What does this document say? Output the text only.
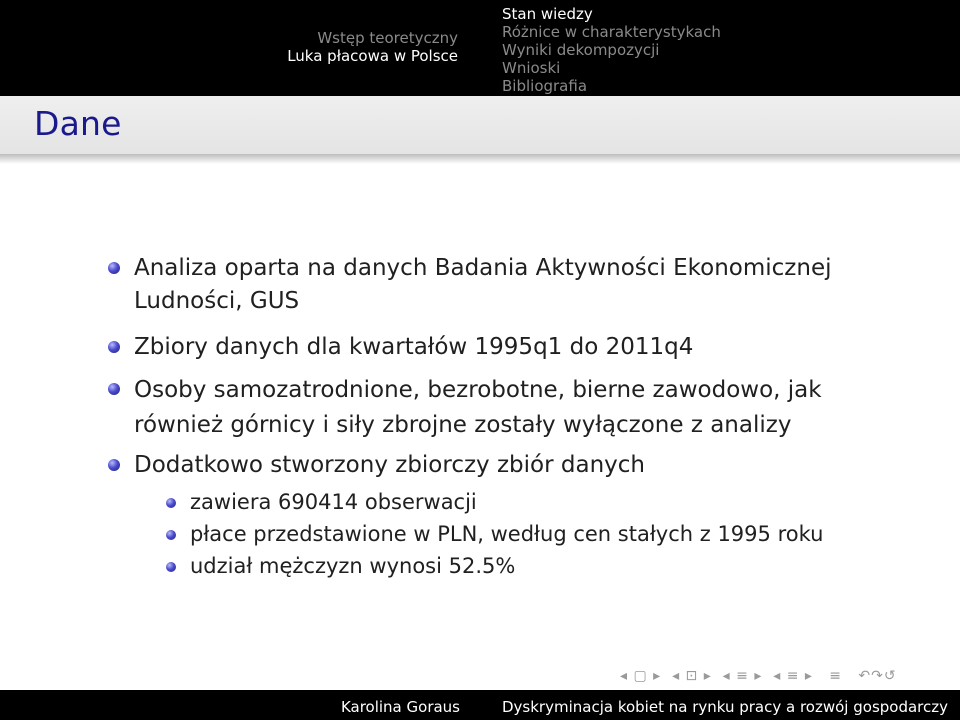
Wstęp teoretyczny
Luka płacowa w Polsce
Stan wiedzy
Różnice w charakterystykach
Wyniki dekompozycji
Wnioski
Bibliografia
Dane
Analiza oparta na danych Badania Aktywności Ekonomicznej
Ludności, GUS
Zbiory danych dla kwartałów 1995q1 do 2011q4
Osoby samozatrodnione, bezrobotne, bierne zawodowo, jak
również górnicy i siły zbrojne zostały wyłączone z analizy
Dodatkowo stworzony zbiorczy zbiór danych
zawiera 690414 obserwacji
płace przedstawione w PLN, według cen stałych z 1995 roku
udział mężczyzn wynosi 52.5%
◂ ▢ ▸  ◂ ⊡ ▸  ◂ ≡ ▸  ◂ ≡ ▸   ≡   ↶↷↺
Karolina Goraus	Dyskryminacja kobiet na rynku pracy a rozwój gospodarczy
